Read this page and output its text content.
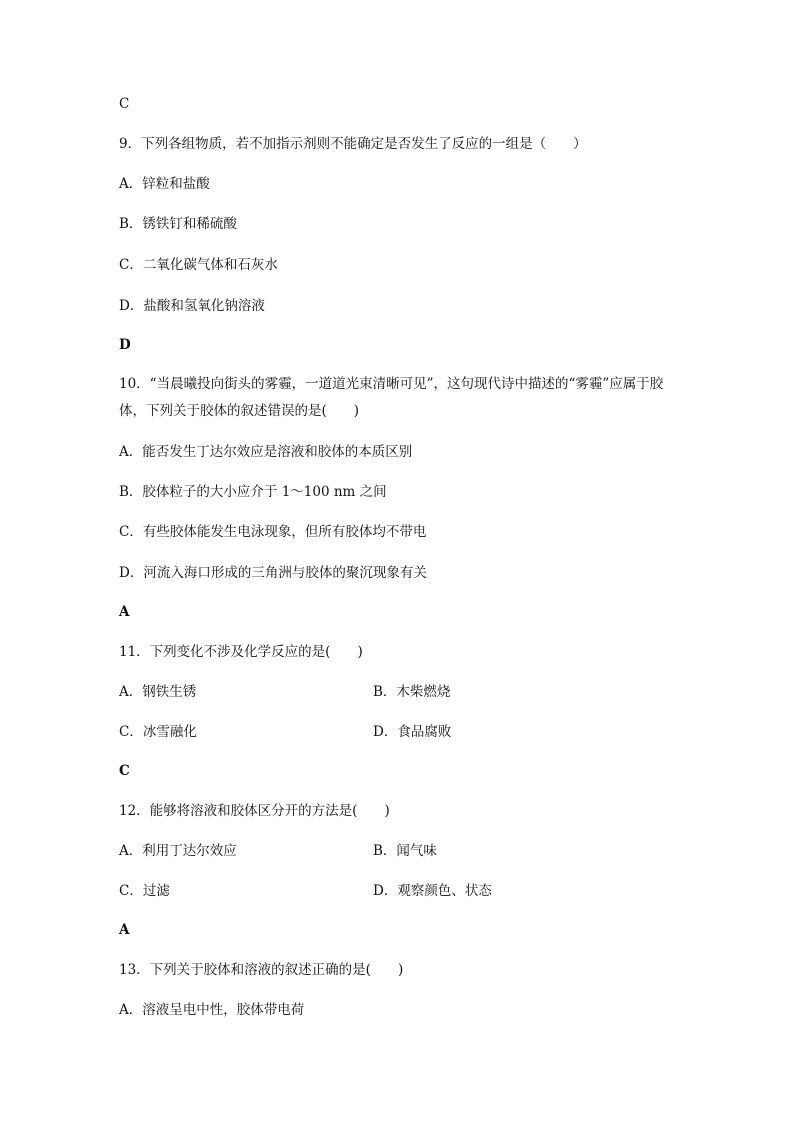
C
9．下列各组物质，若不加指示剂则不能确定是否发生了反应的一组是（　　）
A．锌粒和盐酸
B．锈铁钉和稀硫酸
C．二氧化碳气体和石灰水
D．盐酸和氢氧化钠溶液
D
10．“当晨曦投向街头的雾霾，一道道光束清晰可见”，这句现代诗中描述的“雾霾”应属于胶
体，下列关于胶体的叙述错误的是(　　)
A．能否发生丁达尔效应是溶液和胶体的本质区别
B．胶体粒子的大小应介于 1～100 nm 之间
C．有些胶体能发生电泳现象，但所有胶体均不带电
D．河流入海口形成的三角洲与胶体的聚沉现象有关
A
11．下列变化不涉及化学反应的是(　　)
A．钢铁生锈	B．木柴燃烧
C．冰雪融化	D．食品腐败
C
12．能够将溶液和胶体区分开的方法是(　　)
A．利用丁达尔效应	B．闻气味
C．过滤	D．观察颜色、状态
A
13．下列关于胶体和溶液的叙述正确的是(　　)
A．溶液呈电中性，胶体带电荷
